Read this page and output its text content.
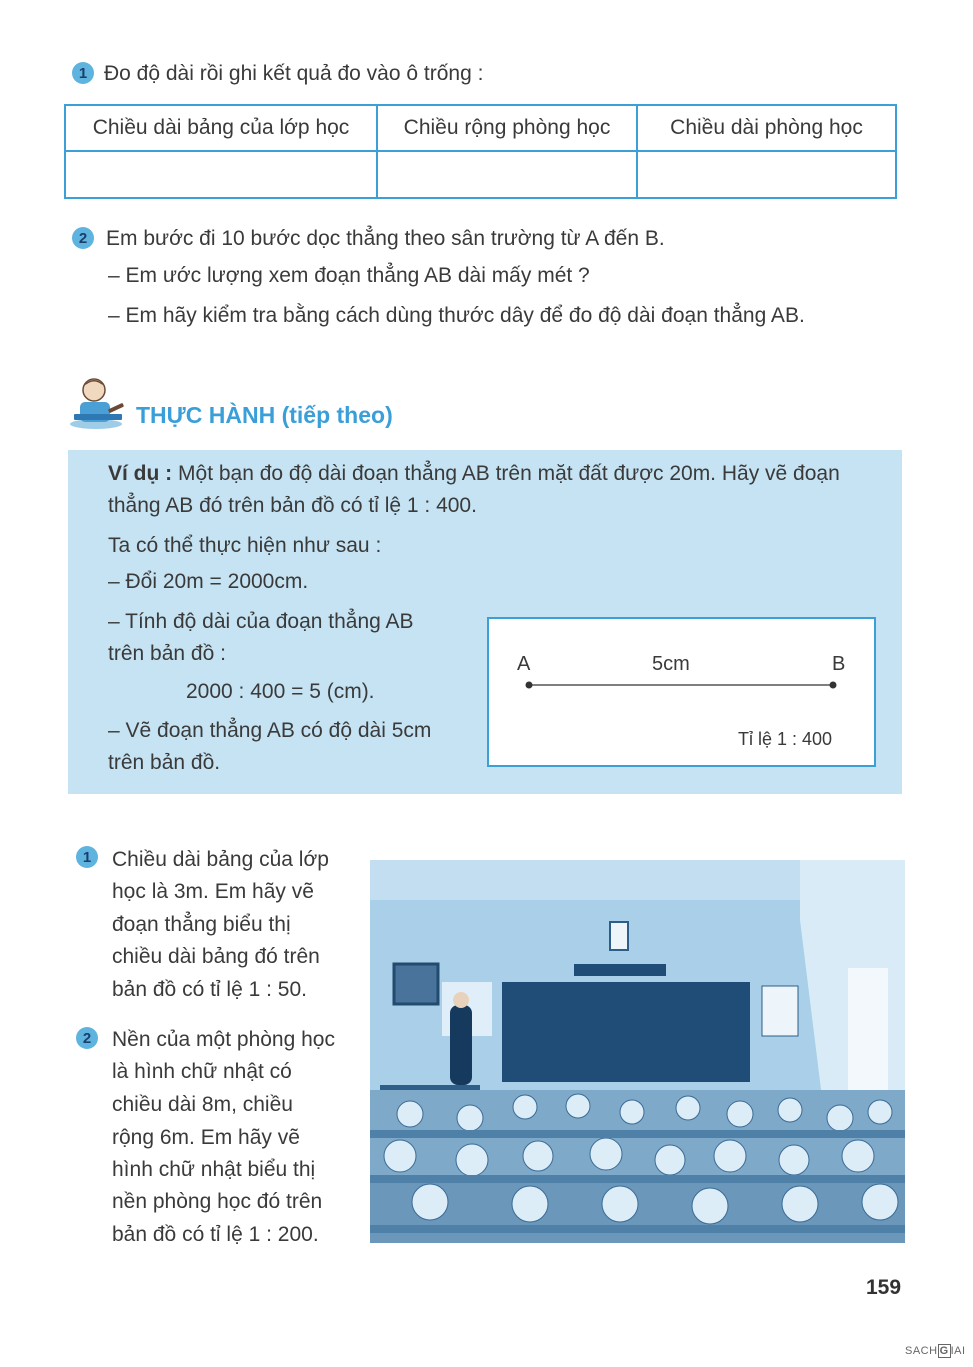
1 Đo độ dài rồi ghi kết quả đo vào ô trống :
Chiều dài bảng của lớp học	Chiều rộng phòng học	Chiều dài phòng học
2 Em bước đi 10 bước dọc thẳng theo sân trường từ A đến B.
– Em ước lượng xem đoạn thẳng AB dài mấy mét ?
– Em hãy kiểm tra bằng cách dùng thước dây để đo độ dài đoạn thẳng AB.
THỰC HÀNH (tiếp theo)
Ví dụ : Một bạn đo độ dài đoạn thẳng AB trên mặt đất được 20m. Hãy vẽ đoạn
thẳng AB đó trên bản đồ có tỉ lệ 1 : 400.
Ta có thể thực hiện như sau :
– Đổi 20m = 2000cm.
– Tính độ dài của đoạn thẳng AB
trên bản đồ :
2000 : 400 = 5 (cm).
– Vẽ đoạn thẳng AB có độ dài 5cm
trên bản đồ.
A	5cm	B
Tỉ lệ 1 : 400
1 Chiều dài bảng của lớp
học là 3m. Em hãy vẽ
đoạn thẳng biểu thị
chiều dài bảng đó trên
bản đồ có tỉ lệ 1 : 50.
2 Nền của một phòng học
là hình chữ nhật có
chiều dài 8m, chiều
rộng 6m. Em hãy vẽ
hình chữ nhật biểu thị
nền phòng học đó trên
bản đồ có tỉ lệ 1 : 200.
159
SACH G IAI
